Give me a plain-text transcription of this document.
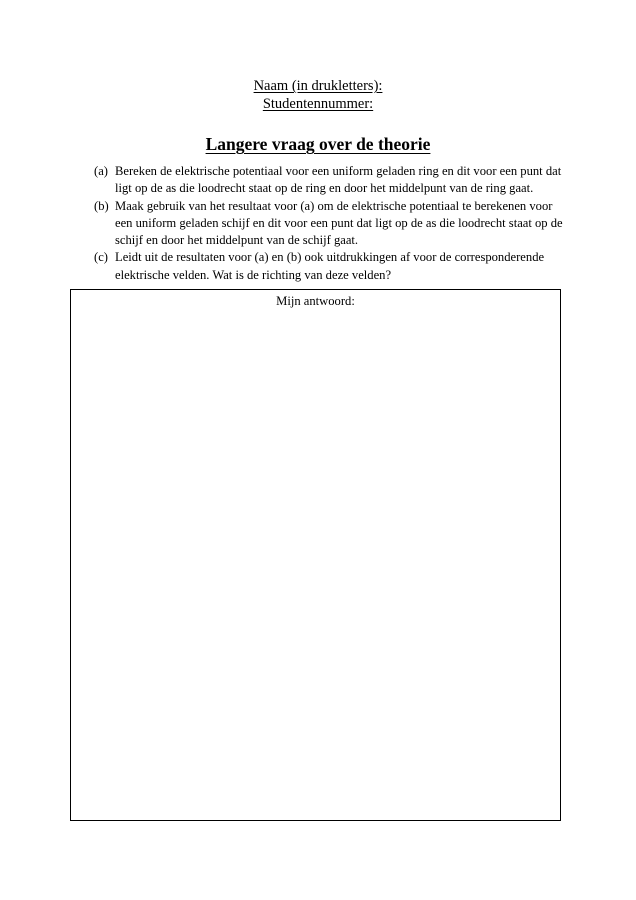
Naam (in drukletters):
Studentennummer:
Langere vraag over de theorie
(a) Bereken de elektrische potentiaal voor een uniform geladen ring en dit voor een punt dat ligt op de as die loodrecht staat op de ring en door het middelpunt van de ring gaat.
(b) Maak gebruik van het resultaat voor (a) om de elektrische potentiaal te berekenen voor een uniform geladen schijf en dit voor een punt dat ligt op de as die loodrecht staat op de schijf en door het middelpunt van de schijf gaat.
(c) Leidt uit de resultaten voor (a) en (b) ook uitdrukkingen af voor de corresponderende elektrische velden. Wat is de richting van deze velden?
Mijn antwoord:
